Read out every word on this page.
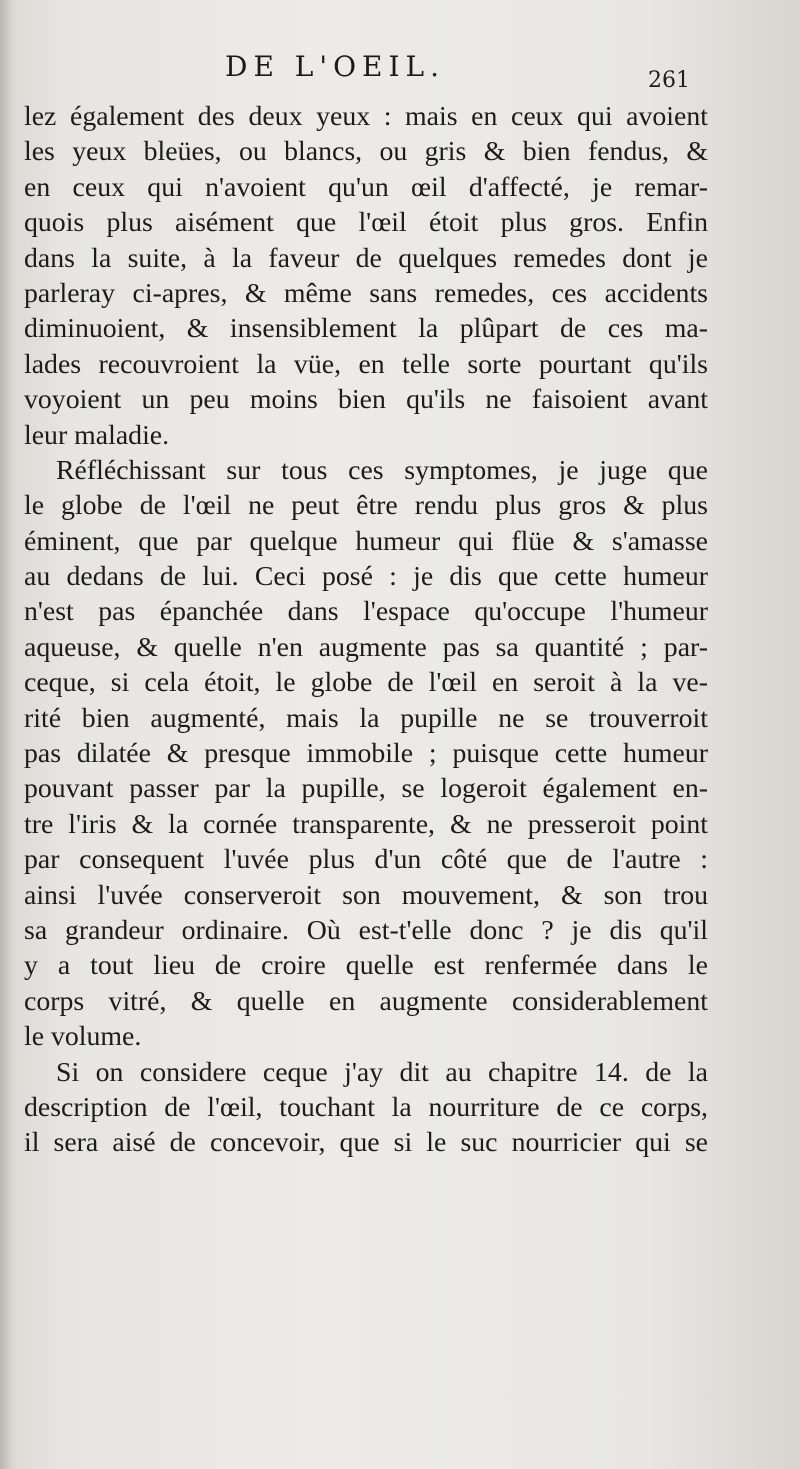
DE L'OEIL.	261
lez également des deux yeux : mais en ceux qui avoient
les yeux bleües, ou blancs, ou gris & bien fendus, &
en ceux qui n'avoient qu'un œil d'affecté, je remar-
quois plus aisément que l'œil étoit plus gros. Enfin
dans la suite, à la faveur de quelques remedes dont je
parleray ci-apres, & même sans remedes, ces accidents
diminuoient, & insensiblement la plûpart de ces ma-
lades recouvroient la vüe, en telle sorte pourtant qu'ils
voyoient un peu moins bien qu'ils ne faisoient avant
leur maladie.
Réfléchissant sur tous ces symptomes, je juge que
le globe de l'œil ne peut être rendu plus gros & plus
éminent, que par quelque humeur qui flüe & s'amasse
au dedans de lui. Ceci posé : je dis que cette humeur
n'est pas épanchée dans l'espace qu'occupe l'humeur
aqueuse, & quelle n'en augmente pas sa quantité ; par-
ceque, si cela étoit, le globe de l'œil en seroit à la ve-
rité bien augmenté, mais la pupille ne se trouverroit
pas dilatée & presque immobile ; puisque cette humeur
pouvant passer par la pupille, se logeroit également en-
tre l'iris & la cornée transparente, & ne presseroit point
par consequent l'uvée plus d'un côté que de l'autre :
ainsi l'uvée conserveroit son mouvement, & son trou
sa grandeur ordinaire. Où est-t'elle donc ? je dis qu'il
y a tout lieu de croire quelle est renfermée dans le
corps vitré, & quelle en augmente considerablement
le volume.
Si on considere ceque j'ay dit au chapitre 14. de la
description de l'œil, touchant la nourriture de ce corps,
il sera aisé de concevoir, que si le suc nourricier qui se
